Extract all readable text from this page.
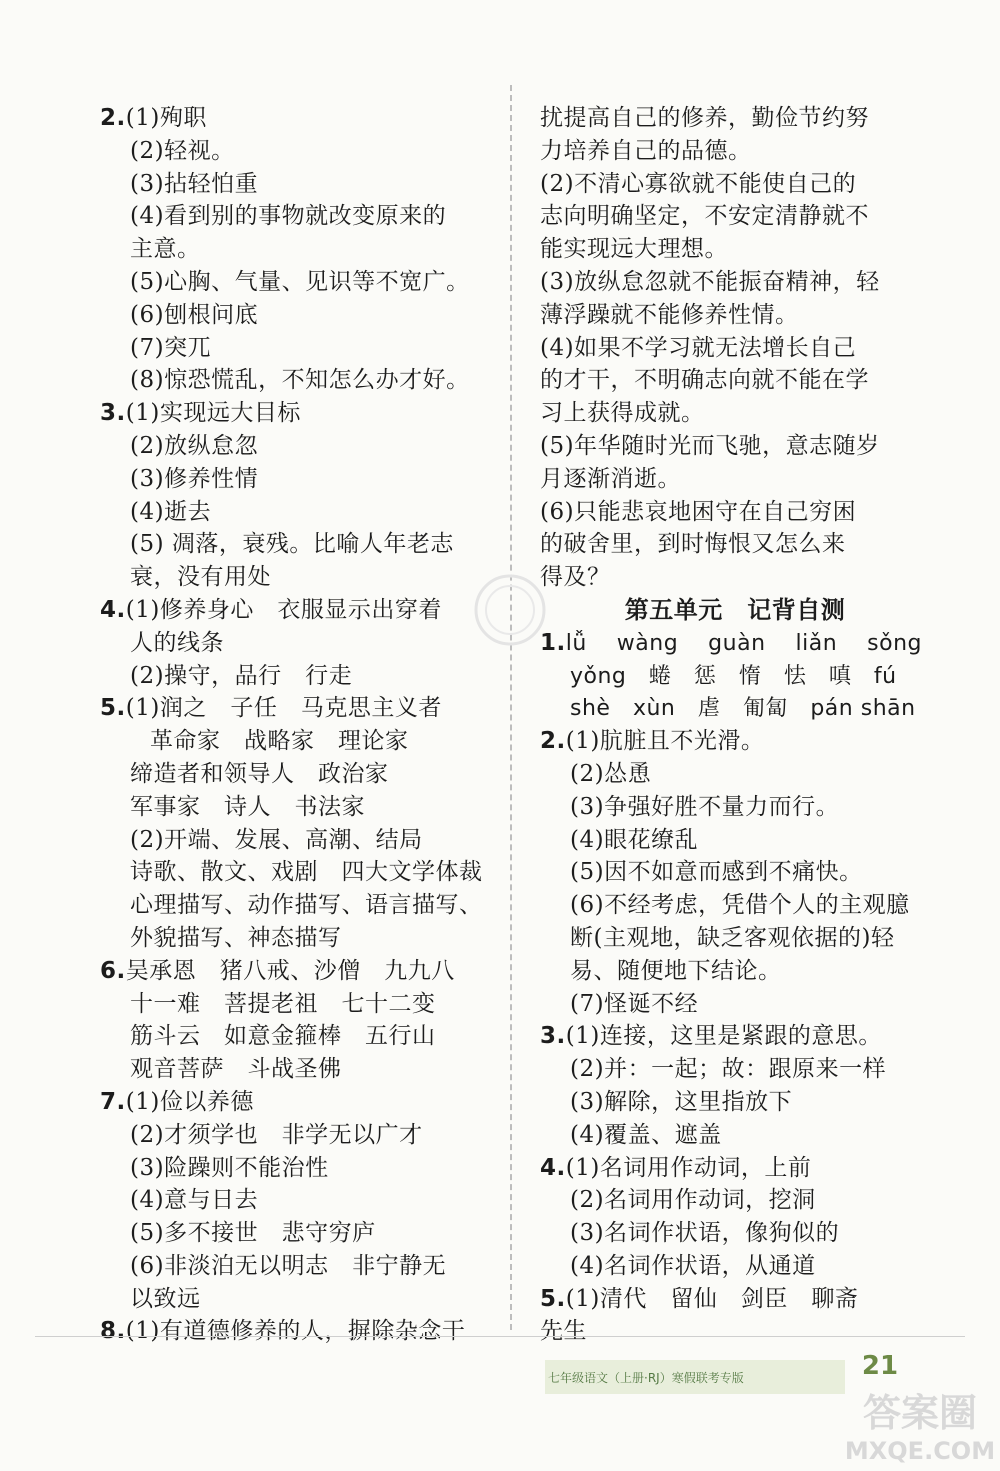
2.(1)殉职
(2)轻视。
(3)拈轻怕重
(4)看到别的事物就改变原来的
主意。
(5)心胸、气量、见识等不宽广。
(6)刨根问底
(7)突兀
(8)惊恐慌乱，不知怎么办才好。
3.(1)实现远大目标
(2)放纵怠忽
(3)修养性情
(4)逝去
(5) 凋落，衰残。比喻人年老志
衰，没有用处
4.(1)修养身心　衣服显示出穿着
人的线条
(2)操守，品行　行走
5.(1)润之　子任　马克思主义者
革命家　战略家　理论家
缔造者和领导人　政治家
军事家　诗人　书法家
(2)开端、发展、高潮、结局
诗歌、散文、戏剧　四大文学体裁
心理描写、动作描写、语言描写、
外貌描写、神态描写
6.吴承恩　猪八戒、沙僧　九九八
十一难　菩提老祖　七十二变
筋斗云　如意金箍棒　五行山
观音菩萨　斗战圣佛
7.(1)俭以养德
(2)才须学也　非学无以广才
(3)险躁则不能治性
(4)意与日去
(5)多不接世　悲守穷庐
(6)非淡泊无以明志　非宁静无
以致远
8.(1)有道德修养的人，摒除杂念干
扰提高自己的修养，勤俭节约努
力培养自己的品德。
(2)不清心寡欲就不能使自己的
志向明确坚定，不安定清静就不
能实现远大理想。
(3)放纵怠忽就不能振奋精神，轻
薄浮躁就不能修养性情。
(4)如果不学习就无法增长自己
的才干，不明确志向就不能在学
习上获得成就。
(5)年华随时光而飞驰，意志随岁
月逐渐消逝。
(6)只能悲哀地困守在自己穷困
的破舍里，到时悔恨又怎么来
得及？
第五单元　记背自测
1.lǚ　 wàng　 guàn　 liǎn　 sǒng
yǒng　蜷　惩　惰　怯　嗔　fú
shè　xùn　虐　匍匐　pán shān
2.(1)肮脏且不光滑。
(2)怂恿
(3)争强好胜不量力而行。
(4)眼花缭乱
(5)因不如意而感到不痛快。
(6)不经考虑，凭借个人的主观臆
断(主观地，缺乏客观依据的)轻
易、随便地下结论。
(7)怪诞不经
3.(1)连接，这里是紧跟的意思。
(2)并：一起；故：跟原来一样
(3)解除，这里指放下
(4)覆盖、遮盖
4.(1)名词用作动词，上前
(2)名词用作动词，挖洞
(3)名词作状语，像狗似的
(4)名词作状语，从通道
5.(1)清代　留仙　剑臣　聊斋
先生
七年级语文（上册·RJ）寒假联考专版	21
答案圈
MXQE.COM
